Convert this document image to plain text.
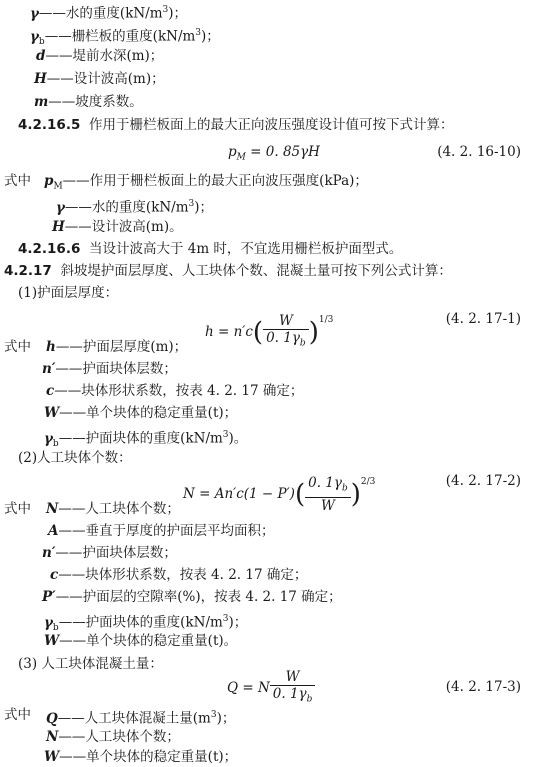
γ——水的重度$(kN/m^3)$；
$\gamma_b——$栅栏板的重度$(kN/m^3)$；
d——堤前水深(m)；
H——设计波高(m)；
m——坡度系数。
4.2.16.5 作用于栅栏板面上的最大正向波压强度设计值可按下式计算：
$p_M = 0$. 85γH	(4. 2. 16-10)
式中 $p_M——$作用于栅栏板面上的最大正向波压强度(kPa)；
γ——水的重度$(kN/m^3)$；
H——设计波高(m)。
4.2.16.6 当设计波高大于 4m 时，不宜选用栅栏板护面型式。
4.2.17 斜坡堤护面层厚度、人工块体个数、混凝土量可按下列公式计算：
(1)护面层厚度：
$h = n'c( \frac{W}{0. 1\gamma_b} )^{1/3}$	(4. 2. 17-1)
式中 h——护面层厚度(m)；
n′——护面块体层数；
c——块体形状系数，按表 4. 2. 17 确定；
W——单个块体的稳定重量(t)；
$\gamma_b——$护面块体的重度$(kN/m^3)$。
(2)人工块体个数：
$N = An'c(1 - P')( \frac{0. 1\gamma_b}{W} )^{2/3}$	(4. 2. 17-2)
式中 N——人工块体个数；
A——垂直于厚度的护面层平均面积；
n′——护面块体层数；
c——块体形状系数，按表 4. 2. 17 确定；
P′——护面层的空隙率(%)，按表 4. 2. 17 确定；
$\gamma_b——$护面块体的重度$(kN/m^3)$；
W——单个块体的稳定重量(t)。
(3) 人工块体混凝土量：
Q = N $\frac{W}{0. 1\gamma_b}$	(4. 2. 17-3)
式中 Q——人工块体混凝土量$(m^3)$；
N——人工块体个数；
W——单个块体的稳定重量(t)；
